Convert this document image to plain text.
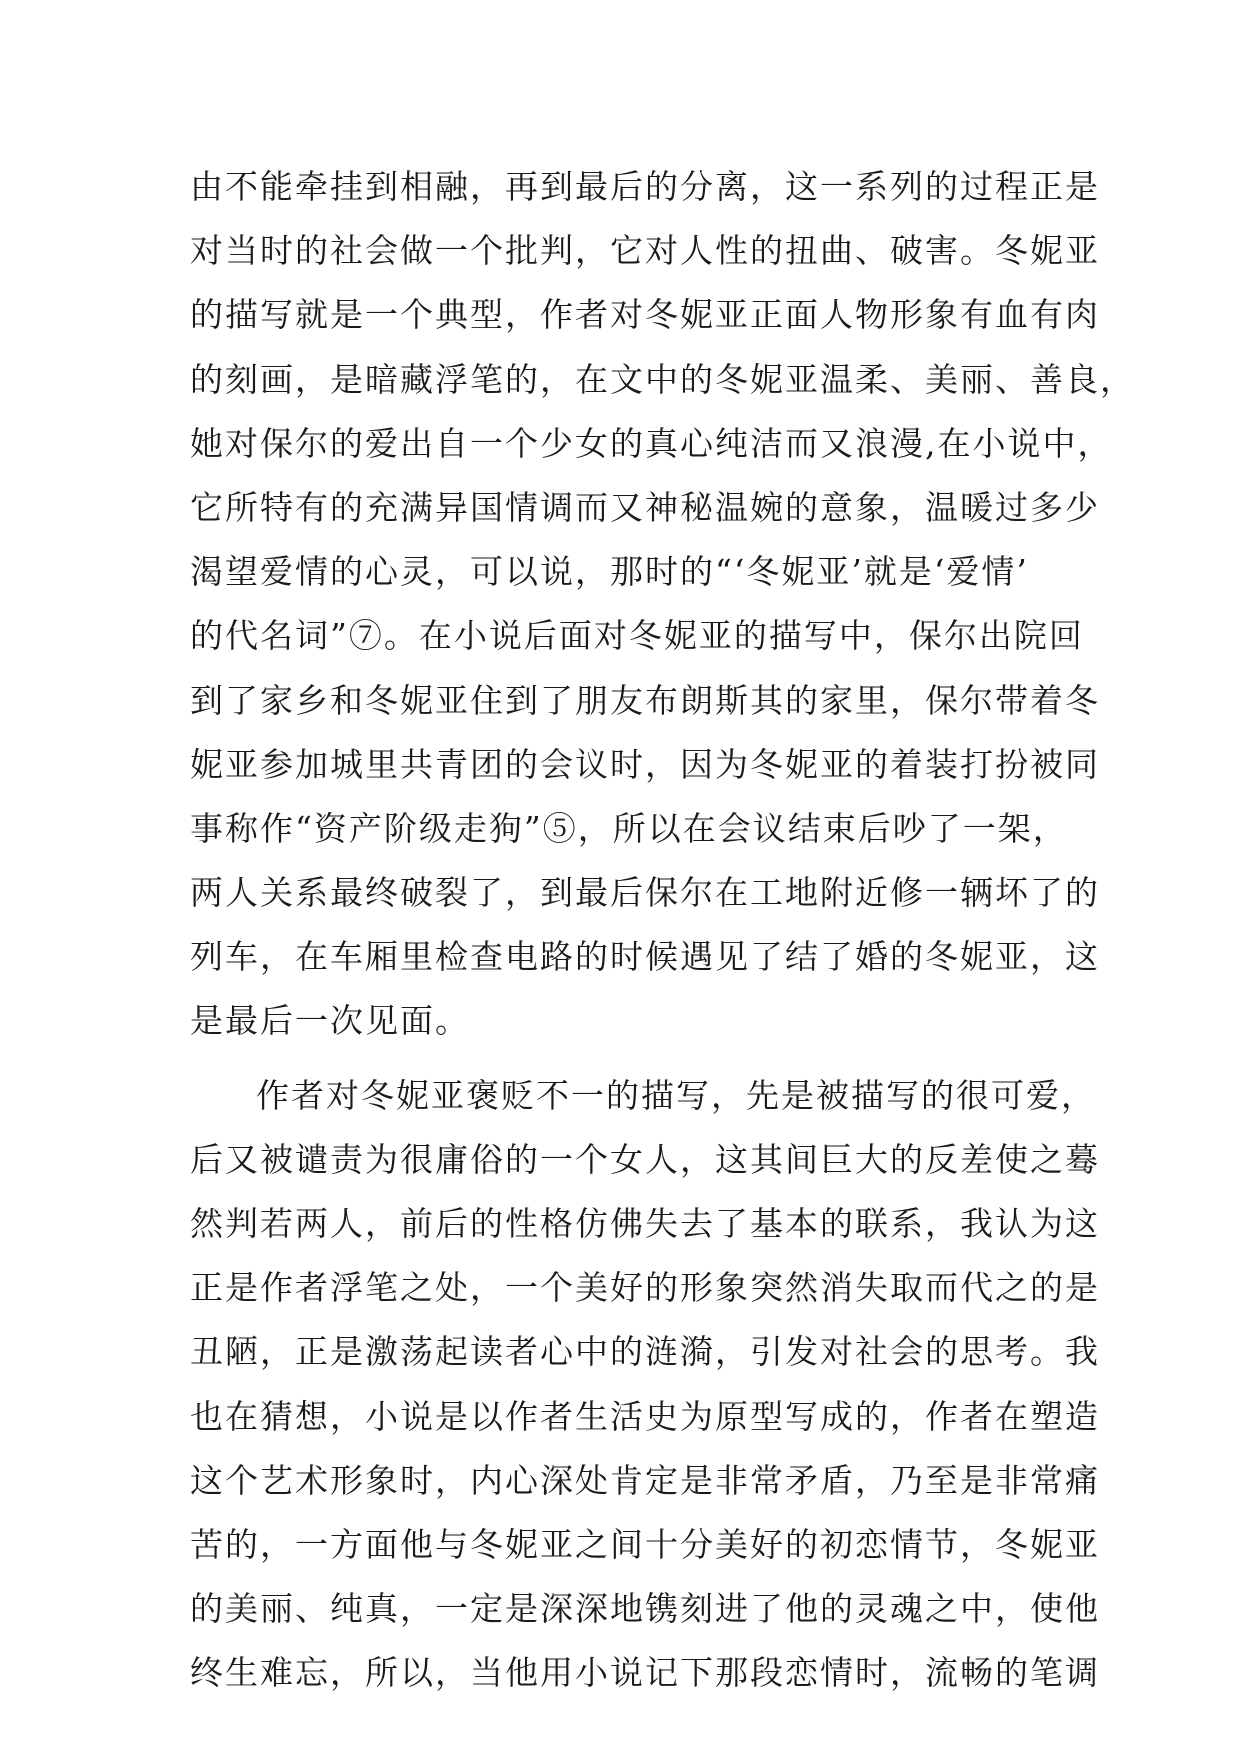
由不能牵挂到相融，再到最后的分离，这一系列的过程正是
对当时的社会做一个批判，它对人性的扭曲、破害。冬妮亚
的描写就是一个典型，作者对冬妮亚正面人物形象有血有肉
的刻画，是暗藏浮笔的，在文中的冬妮亚温柔、美丽、善良，
她对保尔的爱出自一个少女的真心纯洁而又浪漫,在小说中，
它所特有的充满异国情调而又神秘温婉的意象，温暖过多少
渴望爱情的心灵，可以说，那时的“‘冬妮亚’就是‘爱情’
的代名词”⑦。在小说后面对冬妮亚的描写中，保尔出院回
到了家乡和冬妮亚住到了朋友布朗斯其的家里，保尔带着冬
妮亚参加城里共青团的会议时，因为冬妮亚的着装打扮被同
事称作“资产阶级走狗”⑤，所以在会议结束后吵了一架，
两人关系最终破裂了，到最后保尔在工地附近修一辆坏了的
列车，在车厢里检查电路的时候遇见了结了婚的冬妮亚，这
是最后一次见面。
作者对冬妮亚褒贬不一的描写，先是被描写的很可爱，
后又被谴责为很庸俗的一个女人，这其间巨大的反差使之蓦
然判若两人，前后的性格仿佛失去了基本的联系，我认为这
正是作者浮笔之处，一个美好的形象突然消失取而代之的是
丑陋，正是激荡起读者心中的涟漪，引发对社会的思考。我
也在猜想，小说是以作者生活史为原型写成的，作者在塑造
这个艺术形象时，内心深处肯定是非常矛盾，乃至是非常痛
苦的，一方面他与冬妮亚之间十分美好的初恋情节，冬妮亚
的美丽、纯真，一定是深深地镌刻进了他的灵魂之中，使他
终生难忘，所以，当他用小说记下那段恋情时，流畅的笔调
